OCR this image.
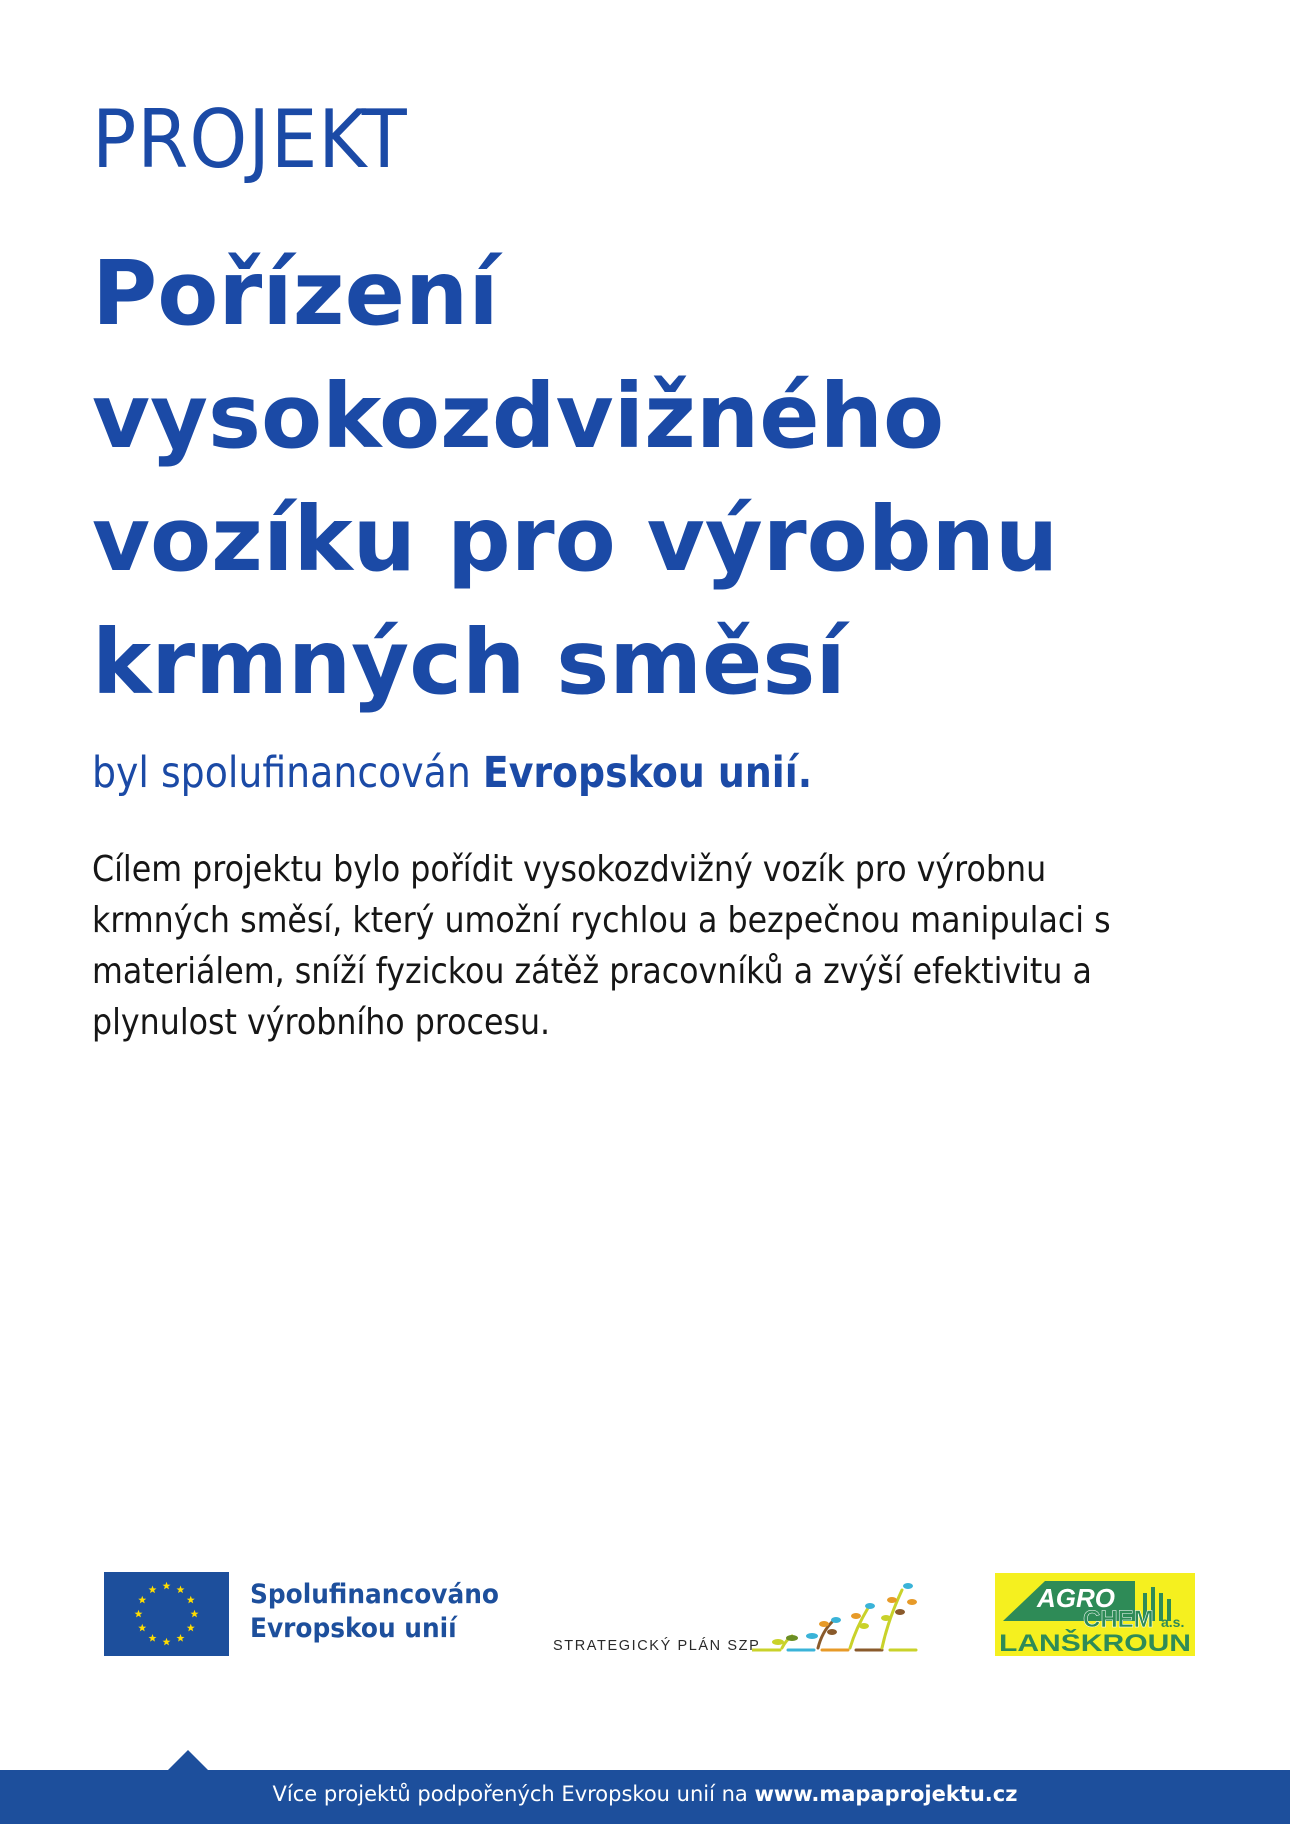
PROJEKT
Pořízení vysokozdvižného vozíku pro výrobnu krmných směsí

byl spolufinancován Evropskou unií.

Cílem projektu bylo pořídit vysokozdvižný vozík pro výrobnu krmných směsí, který umožní rychlou a bezpečnou manipulaci s materiálem, sníží fyzickou zátěž pracovníků a zvýší efektivitu a plynulost výrobního procesu.

Spolufinancováno
Evropskou unií
STRATEGICKÝ PLÁN SZP
AGRO
CHEM a.s.
LANŠKROUN
Více projektů podpořených Evropskou unií na www.mapaprojektu.cz
